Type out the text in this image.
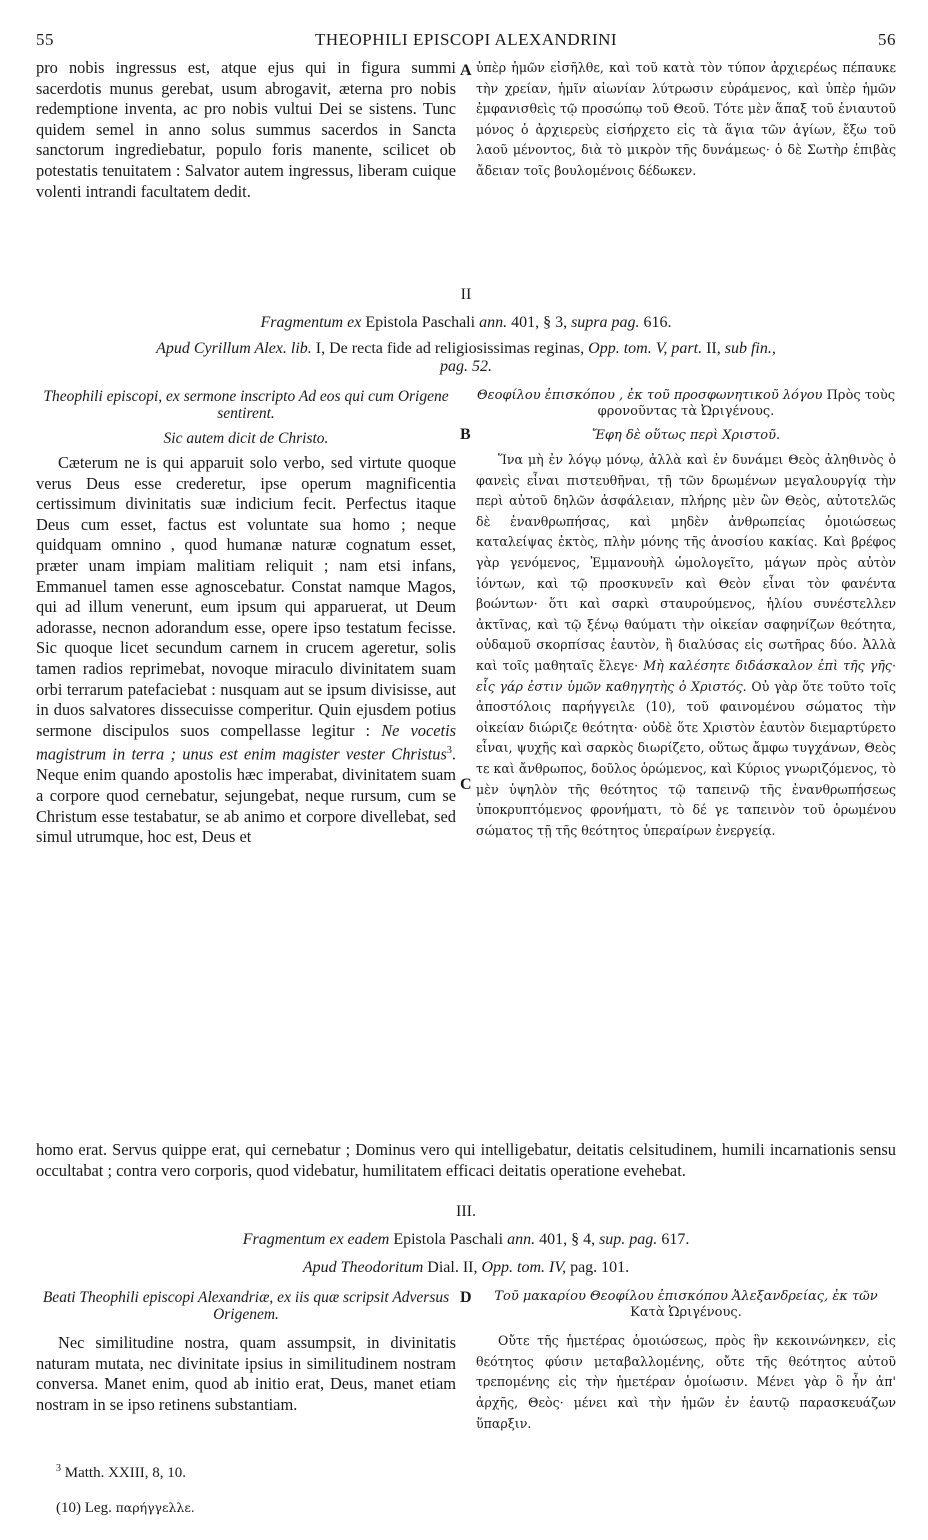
55	THEOPHILI EPISCOPI ALEXANDRINI	56

pro nobis ingressus est, atque ejus qui in figura summi sacerdotis munus gerebat, usum abrogavit, æterna pro nobis redemptione inventa, ac pro nobis vultui Dei se sistens. Tunc quidem semel in anno solus summus sacerdos in Sancta sanctorum ingrediebatur, populo foris manente, scilicet ob potestatis tenuitatem : Salvator autem ingressus, liberam cuique volenti intrandi facultatem dedit.

A ὑπὲρ ἡμῶν εἰσῆλθε, καὶ τοῦ κατὰ τὸν τύπον ἀρχιερέως πέπαυκε τὴν χρείαν, ἡμῖν αἰωνίαν λύτρωσιν εὑράμενος, καὶ ὑπὲρ ἡμῶν ἐμφανισθεὶς τῷ προσώπῳ τοῦ Θεοῦ. Τότε μὲν ἅπαξ τοῦ ἐνιαυτοῦ μόνος ὁ ἀρχιερεὺς εἰσήρχετο εἰς τὰ ἅγια τῶν ἁγίων, ἔξω τοῦ λαοῦ μένοντος, διὰ τὸ μικρὸν τῆς δυνάμεως· ὁ δὲ Σωτὴρ ἐπιβὰς ἄδειαν τοῖς βουλομένοις δέδωκεν.

II
Fragmentum ex Epistola Paschali ann. 401, § 3, supra pag. 616.
Apud Cyrillum Alex. lib. I, De recta fide ad religiosissimas reginas, Opp. tom. V, part. II, sub fin.,
pag. 52.

Theophili episcopi, ex sermone inscripto Ad eos qui cum Origene sentirent.

Sic autem dicit de Christo.

Cæterum ne is qui apparuit solo verbo, sed virtute quoque verus Deus esse crederetur, ipse operum magnificentia certissimum divinitatis suæ indicium fecit. Perfectus itaque Deus cum esset, factus est voluntate sua homo ; neque quidquam omnino , quod humanæ naturæ cognatum esset, præter unam impiam malitiam reliquit ; nam etsi infans, Emmanuel tamen esse agnoscebatur. Constat namque Magos, qui ad illum venerunt, eum ipsum qui apparuerat, ut Deum adorasse, necnon adorandum esse, opere ipso testatum fecisse. Sic quoque licet secundum carnem in crucem ageretur, solis tamen radios reprimebat, novoque miraculo divinitatem suam orbi terrarum patefaciebat : nusquam aut se ipsum divisisse, aut in duos salvatores dissecuisse comperitur. Quin ejusdem potius sermone discipulos suos compellasse legitur : Ne vocetis magistrum in terra ; unus est enim magister vester Christus$^3$. Neque enim quando apostolis hæc imperabat, divinitatem suam a corpore quod cernebatur, sejungebat, neque rursum, cum se Christum esse testabatur, se ab animo et corpore divellebat, sed simul utrumque, hoc est, Deus et

B
C

Θεοφίλου ἐπισκόπου , ἐκ τοῦ προσφωνητικοῦ λόγου Πρὸς τοὺς φρονοῦντας τὰ Ὠριγένους.

Ἔφη δὲ οὕτως περὶ Χριστοῦ.

Ἵνα μὴ ἐν λόγῳ μόνῳ, ἀλλὰ καὶ ἐν δυνάμει Θεὸς ἀληθινὸς ὁ φανεὶς εἶναι πιστευθῆναι, τῇ τῶν δρωμένων μεγαλουργίᾳ τὴν περὶ αὐτοῦ δηλῶν ἀσφάλειαν, πλήρης μὲν ὢν Θεὸς, αὐτοτελῶς δὲ ἐνανθρωπήσας, καὶ μηδὲν ἀνθρωπείας ὁμοιώσεως καταλείψας ἐκτὸς, πλὴν μόνης τῆς ἀνοσίου κακίας. Καὶ βρέφος γὰρ γενόμενος, Ἐμμανουὴλ ὡμολογεῖτο, μάγων πρὸς αὐτὸν ἰόντων, καὶ τῷ προσκυνεῖν καὶ Θεὸν εἶναι τὸν φανέντα βοώντων· ὅτι καὶ σαρκὶ σταυρούμενος, ἡλίου συνέστελλεν ἀκτῖνας, καὶ τῷ ξένῳ θαύματι τὴν οἰκείαν σαφηνίζων θεότητα, οὐδαμοῦ σκορπίσας ἑαυτὸν, ἢ διαλύσας εἰς σωτῆρας δύο. Ἀλλὰ καὶ τοῖς μαθηταῖς ἔλεγε· Μὴ καλέσητε διδάσκαλον ἐπὶ τῆς γῆς· εἷς γάρ ἐστιν ὑμῶν καθηγητὴς ὁ Χριστός. Οὐ γὰρ ὅτε τοῦτο τοῖς ἀποστόλοις παρήγγειλε (10), τοῦ φαινομένου σώματος τὴν οἰκείαν διώριζε θεότητα· οὐδὲ ὅτε Χριστὸν ἑαυτὸν διεμαρτύρετο εἶναι, ψυχῆς καὶ σαρκὸς διωρίζετο, οὕτως ἄμφω τυγχάνων, Θεὸς τε καὶ ἄνθρωπος, δοῦλος ὁρώμενος, καὶ Κύριος γνωριζόμενος, τὸ μὲν ὑψηλὸν τῆς θεότητος τῷ ταπεινῷ τῆς ἐνανθρωπήσεως ὑποκρυπτόμενος φρονήματι, τὸ δέ γε ταπεινὸν τοῦ ὁρωμένου σώματος τῇ τῆς θεότητος ὑπεραίρων ἐνεργείᾳ.

homo erat. Servus quippe erat, qui cernebatur ; Dominus vero qui intelligebatur, deitatis celsitudinem, humili incarnationis sensu occultabat ; contra vero corporis, quod videbatur, humilitatem efficaci deitatis operatione evehebat.

III.
Fragmentum ex eadem Epistola Paschali ann. 401, § 4, sup. pag. 617.
Apud Theodoritum Dial. II, Opp. tom. IV, pag. 101.

Beati Theophili episcopi Alexandriæ, ex iis quæ scripsit Adversus Origenem.

Nec similitudine nostra, quam assumpsit, in divinitatis naturam mutata, nec divinitate ipsius in similitudinem nostram conversa. Manet enim, quod ab initio erat, Deus, manet etiam nostram in se ipso retinens substantiam.

D	Τοῦ μακαρίου Θεοφίλου ἐπισκόπου Ἀλεξανδρείας, ἐκ τῶν Κατὰ Ὠριγένους.

Οὔτε τῆς ἡμετέρας ὁμοιώσεως, πρὸς ἣν κεκοινώνηκεν, εἰς θεότητος φύσιν μεταβαλλομένης, οὔτε τῆς θεότητος αὐτοῦ τρεπομένης εἰς τὴν ἡμετέραν ὁμοίωσιν. Μένει γὰρ ὃ ἦν ἀπ' ἀρχῆς, Θεὸς· μένει καὶ τὴν ἡμῶν ἐν ἑαυτῷ παρασκευάζων ὕπαρξιν.

$^3$ Matth. XXIII, 8, 10.

(10) Leg. παρήγγελλε.
